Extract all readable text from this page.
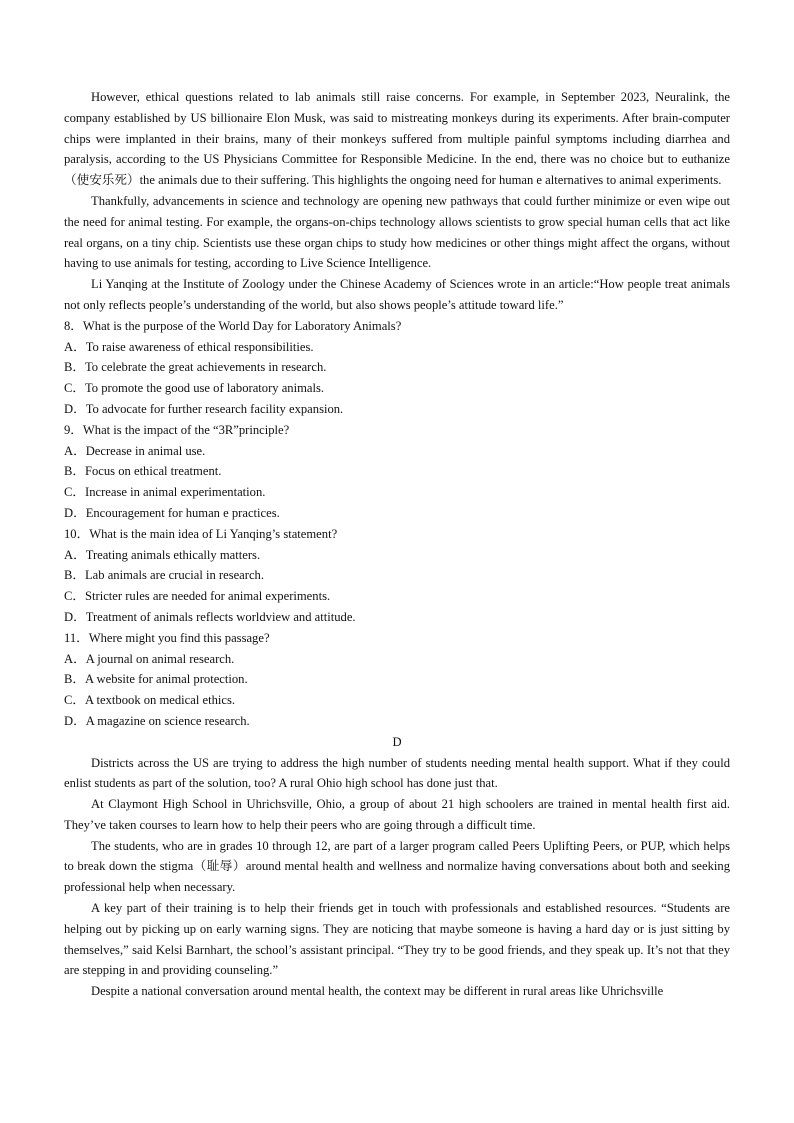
However, ethical questions related to lab animals still raise concerns. For example, in September 2023, Neuralink, the company established by US billionaire Elon Musk, was said to mistreating monkeys during its experiments. After brain-computer chips were implanted in their brains, many of their monkeys suffered from multiple painful symptoms including diarrhea and paralysis, according to the US Physicians Committee for Responsible Medicine. In the end, there was no choice but to euthanize（使安乐死）the animals due to their suffering. This highlights the ongoing need for human e alternatives to animal experiments.

Thankfully, advancements in science and technology are opening new pathways that could further minimize or even wipe out the need for animal testing. For example, the organs-on-chips technology allows scientists to grow special human cells that act like real organs, on a tiny chip. Scientists use these organ chips to study how medicines or other things might affect the organs, without having to use animals for testing, according to Live Science Intelligence.

Li Yanqing at the Institute of Zoology under the Chinese Academy of Sciences wrote in an article:“How people treat animals not only reflects people’s understanding of the world, but also shows people’s attitude toward life.”

8．What is the purpose of the World Day for Laboratory Animals?

A．To raise awareness of ethical responsibilities.

B．To celebrate the great achievements in research.

C．To promote the good use of laboratory animals.

D．To advocate for further research facility expansion.

9．What is the impact of the “3R”principle?

A．Decrease in animal use.

B．Focus on ethical treatment.

C．Increase in animal experimentation.

D．Encouragement for human e practices.

10．What is the main idea of Li Yanqing’s statement?

A．Treating animals ethically matters.

B．Lab animals are crucial in research.

C．Stricter rules are needed for animal experiments.

D．Treatment of animals reflects worldview and attitude.

11．Where might you find this passage?

A．A journal on animal research.

B．A website for animal protection.

C．A textbook on medical ethics.

D．A magazine on science research.

D

Districts across the US are trying to address the high number of students needing mental health support. What if they could enlist students as part of the solution, too? A rural Ohio high school has done just that.

At Claymont High School in Uhrichsville, Ohio, a group of about 21 high schoolers are trained in mental health first aid. They’ve taken courses to learn how to help their peers who are going through a difficult time.

The students, who are in grades 10 through 12, are part of a larger program called Peers Uplifting Peers, or PUP, which helps to break down the stigma（耻辱）around mental health and wellness and normalize having conversations about both and seeking professional help when necessary.

A key part of their training is to help their friends get in touch with professionals and established resources. “Students are helping out by picking up on early warning signs. They are noticing that maybe someone is having a hard day or is just sitting by themselves,” said Kelsi Barnhart, the school’s assistant principal. “They try to be good friends, and they speak up. It’s not that they are stepping in and providing counseling.”

Despite a national conversation around mental health, the context may be different in rural areas like Uhrichsville
